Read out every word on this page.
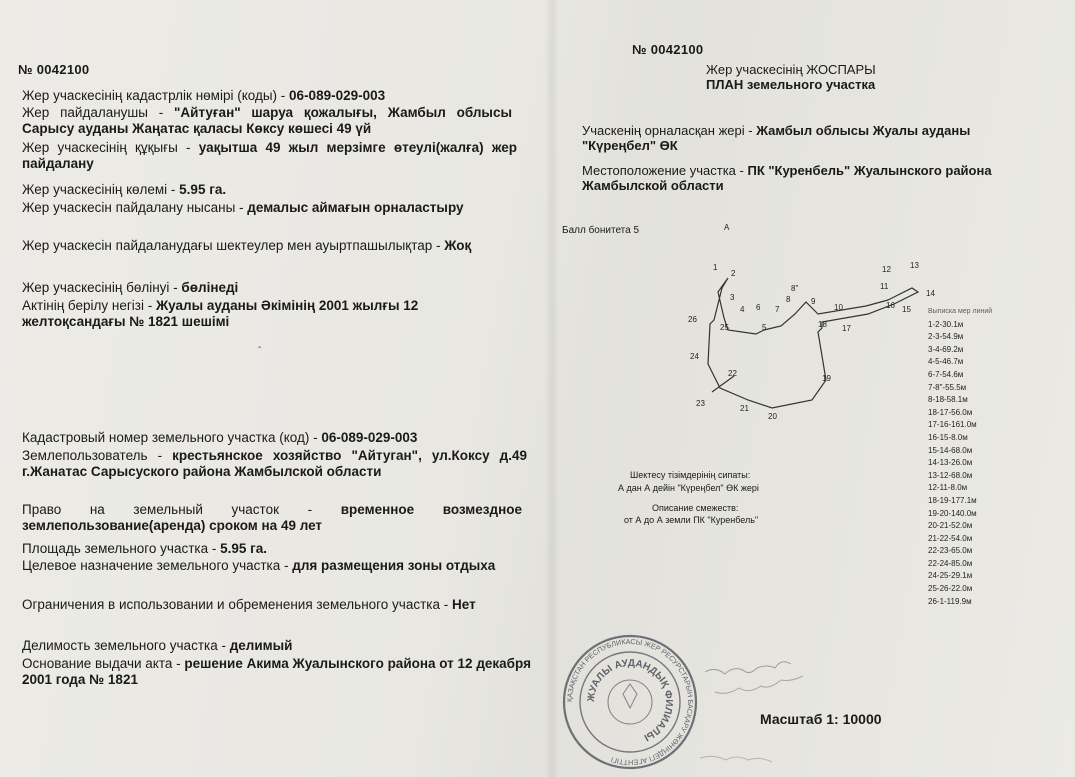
№ 0042100
Жер учаскесінің кадастрлік нөмірі (коды) - 06-089-029-003
Жер пайдаланушы - "Айтуған" шаруа қожалығы, Жамбыл облысы Сарысу ауданы Жаңатас қаласы Көксу көшесі 49 үй
Жер учаскесінің құқығы - уақытша 49 жыл мерзімге өтеулі(жалға) жер пайдалану
Жер учаскесінің көлемі - 5.95 га.
Жер учаскесін пайдалану нысаны - демалыс аймағын орналастыру
Жер учаскесін пайдаланудағы шектеулер мен ауыртпашылықтар - Жоқ
Жер учаскесінің бөлінуі - бөлінеді
Актінің берілу негізі - Жуалы ауданы Әкімінің 2001 жылғы 12 желтоқсандағы № 1821 шешімі
Кадастровый номер земельного участка (код) - 06-089-029-003
Землепользователь - крестьянское хозяйство "Айтуган", ул.Коксу д.49 г.Жанатас Сарысуского района Жамбылской области
Право на земельный участок - временное возмездное землепользование(аренда) сроком на 49 лет
Площадь земельного участка - 5.95 га.
Целевое назначение земельного участка - для размещения зоны отдыха
Ограничения в использовании и обременения земельного участка - Нет
Делимость земельного участка - делимый
Основание выдачи акта - решение Акима Жуалынского района от 12 декабря 2001 года № 1821
№ 0042100
Жер учаскесінің ЖОСПАРЫ
ПЛАН земельного участка
Учаскенің орналасқан жері - Жамбыл облысы Жуалы ауданы "Күреңбел" ӨК
Местоположение участка - ПК "Куренбель" Жуалынского района Жамбылской области
Балл бонитета 5	A
1
2
3
4
5
6 7
8
8"
9
10
11
12 13
14
15
16
17
18
19
20
21
22
23
24
25
26
-
Выписка мер линий
1-2-30.1м
2-3-54.9м
3-4-69.2м
4-5-46.7м
6-7-54.6м
7-8"-55.5м
8-18-58.1м
18-17-56.0м
17-16-161.0м
16-15-8.0м
15-14-68.0м
14-13-26.0м
13-12-68.0м
12-11-8.0м
18-19-177.1м
19-20-140.0м
20-21-52.0м
21-22-54.0м
22-23-65.0м
22-24-85.0м
24-25-29.1м
25-26-22.0м
26-1-119.9м
Шектесу тізімдерінің сипаты:
А дан А дейін "Күреңбел" ӨК жері
Описание смежеств:
от А до А земли ПК "Куренбель"
ҚАЗАҚСТАН РЕСПУБЛИКАСЫ ЖЕР РЕСУРСТАРЫН БАСҚАРУ ЖӨНІНДЕГІ АГЕНТТІГІ
ЖУАЛЫ АУДАНДЫҚ ФИЛИАЛЫ
Масштаб 1: 10000
